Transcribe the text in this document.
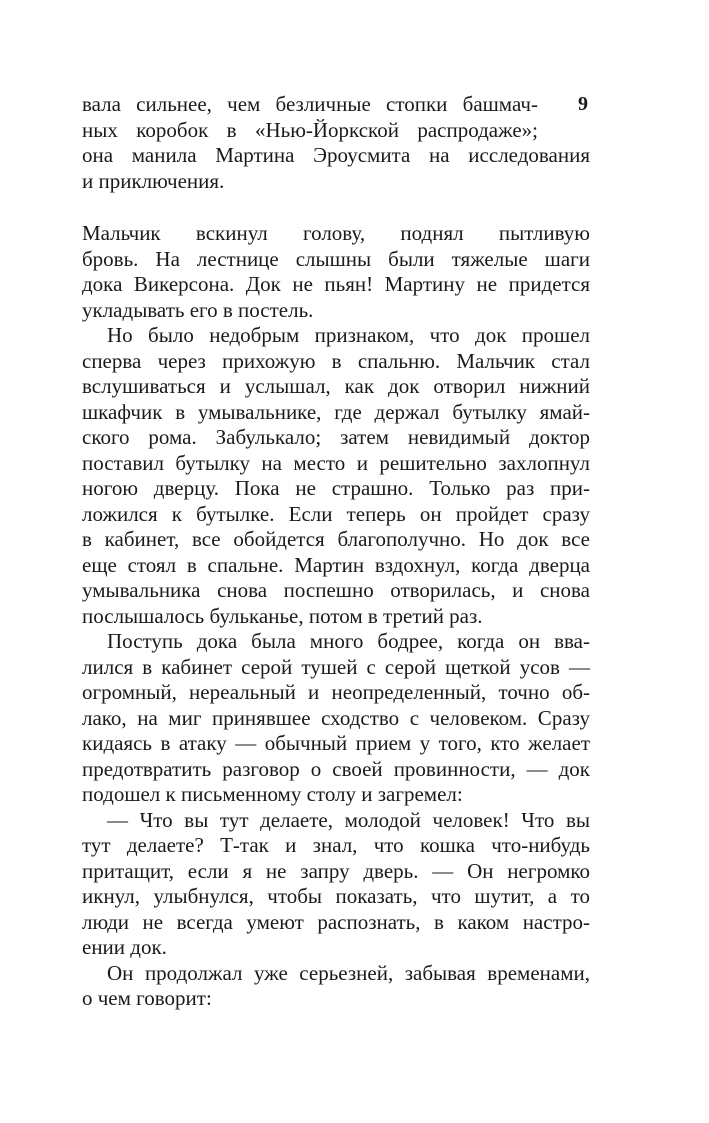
9
вала сильнее, чем безличные стопки башмач-
ных коробок в «Нью-Йоркской распродаже»;
она манила Мартина Эроусмита на исследования
и приключения.
Мальчик вскинул голову, поднял пытливую
бровь. На лестнице слышны были тяжелые шаги
дока Викерсона. Док не пьян! Мартину не придется
укладывать его в постель.
Но было недобрым признаком, что док прошел
сперва через прихожую в спальню. Мальчик стал
вслушиваться и услышал, как док отворил нижний
шкафчик в умывальнике, где держал бутылку ямай-
ского рома. Забулькало; затем невидимый доктор
поставил бутылку на место и решительно захлопнул
ногою дверцу. Пока не страшно. Только раз при-
ложился к бутылке. Если теперь он пройдет сразу
в кабинет, все обойдется благополучно. Но док все
еще стоял в спальне. Мартин вздохнул, когда дверца
умывальника снова поспешно отворилась, и снова
послышалось бульканье, потом в третий раз.
Поступь дока была много бодрее, когда он вва-
лился в кабинет серой тушей с серой щеткой усов —
огромный, нереальный и неопределенный, точно об-
лако, на миг принявшее сходство с человеком. Сразу
кидаясь в атаку — обычный прием у того, кто желает
предотвратить разговор о своей провинности, — док
подошел к письменному столу и загремел:
— Что вы тут делаете, молодой человек! Что вы
тут делаете? Т-так и знал, что кошка что-нибудь
притащит, если я не запру дверь. — Он негромко
икнул, улыбнулся, чтобы показать, что шутит, а то
люди не всегда умеют распознать, в каком настро-
ении док.
Он продолжал уже серьезней, забывая временами,
о чем говорит:
